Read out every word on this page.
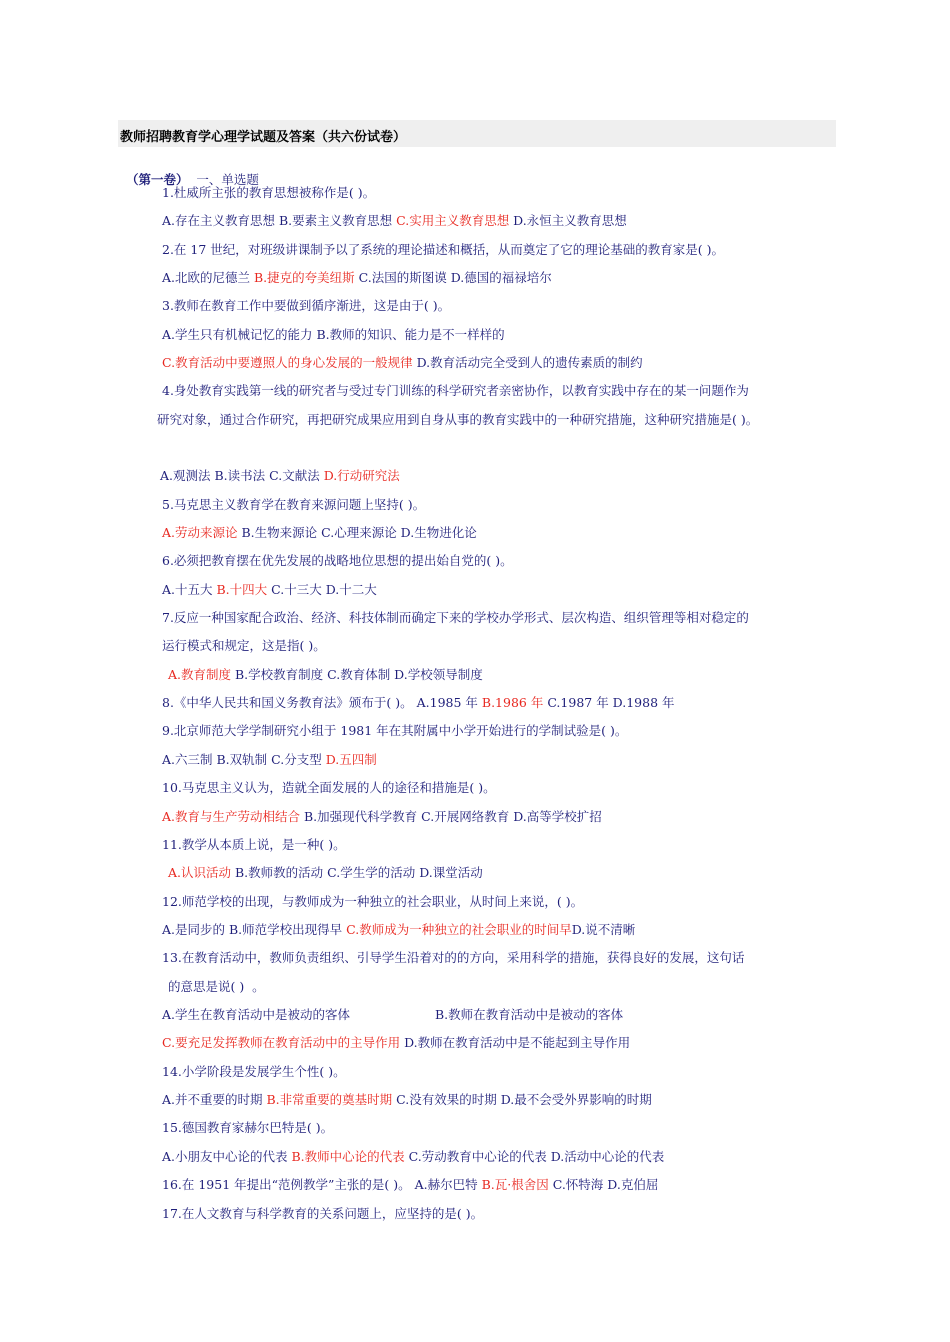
教师招聘教育学心理学试题及答案（共六份试卷）

（第一卷） 一、单选题

1.杜威所主张的教育思想被称作是( )。
A.存在主义教育思想 B.要素主义教育思想 C.实用主义教育思想 D.永恒主义教育思想
2.在 17 世纪，对班级讲课制予以了系统的理论描述和概括，从而奠定了它的理论基础的教育家是( )。
A.北欧的尼德兰 B.捷克的夸美纽斯 C.法国的斯图谟 D.德国的福禄培尔
3.教师在教育工作中要做到循序渐进，这是由于( )。
A.学生只有机械记忆的能力 B.教师的知识、能力是不一样样的
C.教育活动中要遵照人的身心发展的一般规律 D.教育活动完全受到人的遗传素质的制约
4.身处教育实践第一线的研究者与受过专门训练的科学研究者亲密协作，以教育实践中存在的某一问题作为
研究对象，通过合作研究，再把研究成果应用到自身从事的教育实践中的一种研究措施，这种研究措施是( )。
A.观测法 B.读书法 C.文献法 D.行动研究法
5.马克思主义教育学在教育来源问题上坚持( )。
A.劳动来源论 B.生物来源论 C.心理来源论 D.生物进化论
6.必须把教育摆在优先发展的战略地位思想的提出始自党的( )。
A.十五大 B.十四大 C.十三大 D.十二大
7.反应一种国家配合政治、经济、科技体制而确定下来的学校办学形式、层次构造、组织管理等相对稳定的
运行模式和规定，这是指( )。
A.教育制度 B.学校教育制度 C.教育体制 D.学校领导制度
8.《中华人民共和国义务教育法》颁布于( )。 A.1985 年 B.1986 年 C.1987 年 D.1988 年
9.北京师范大学学制研究小组于 1981 年在其附属中小学开始进行的学制试验是( )。
A.六三制 B.双轨制 C.分支型 D.五四制
10.马克思主义认为，造就全面发展的人的途径和措施是( )。
A.教育与生产劳动相结合 B.加强现代科学教育 C.开展网络教育 D.高等学校扩招
11.教学从本质上说，是一种( )。
A.认识活动 B.教师教的活动 C.学生学的活动 D.课堂活动
12.师范学校的出现，与教师成为一种独立的社会职业，从时间上来说，( )。
A.是同步的 B.师范学校出现得早 C.教师成为一种独立的社会职业的时间早D.说不清晰
13.在教育活动中，教师负责组织、引导学生沿着对的的方向，采用科学的措施，获得良好的发展，这句话
的意思是说( )  。
A.学生在教育活动中是被动的客体	B.教师在教育活动中是被动的客体
C.要充足发挥教师在教育活动中的主导作用 D.教师在教育活动中是不能起到主导作用
14.小学阶段是发展学生个性( )。
A.并不重要的时期 B.非常重要的奠基时期 C.没有效果的时期 D.最不会受外界影响的时期
15.德国教育家赫尔巴特是( )。
A.小朋友中心论的代表 B.教师中心论的代表 C.劳动教育中心论的代表 D.活动中心论的代表
16.在 1951 年提出“范例教学”主张的是( )。 A.赫尔巴特 B.瓦·根舍因 C.怀特海 D.克伯屈
17.在人文教育与科学教育的关系问题上，应坚持的是( )。
